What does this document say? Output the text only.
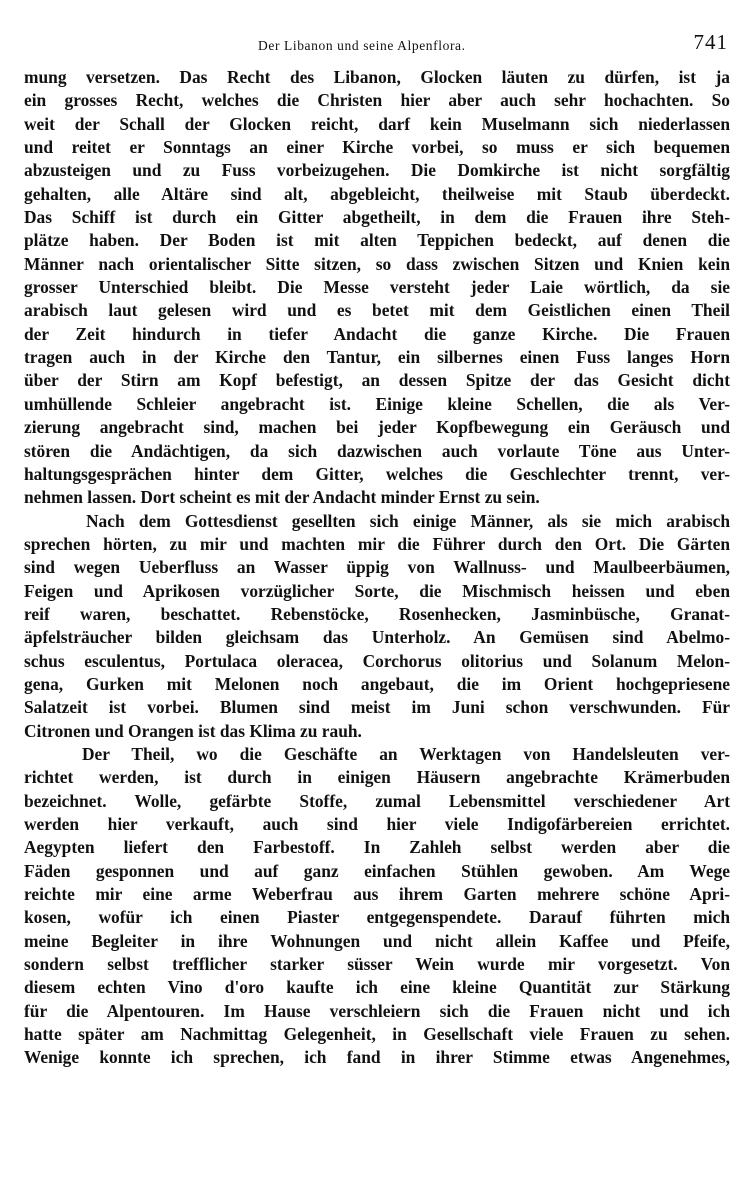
Der Libanon und seine Alpenflora.	741

mung versetzen. Das Recht des Libanon, Glocken läuten zu dürfen, ist ja
ein grosses Recht, welches die Christen hier aber auch sehr hochachten. So
weit der Schall der Glocken reicht, darf kein Muselmann sich niederlassen
und reitet er Sonntags an einer Kirche vorbei, so muss er sich bequemen
abzusteigen und zu Fuss vorbeizugehen. Die Domkirche ist nicht sorgfältig
gehalten, alle Altäre sind alt, abgebleicht, theilweise mit Staub überdeckt.
Das Schiff ist durch ein Gitter abgetheilt, in dem die Frauen ihre Steh-
plätze haben. Der Boden ist mit alten Teppichen bedeckt, auf denen die
Männer nach orientalischer Sitte sitzen, so dass zwischen Sitzen und Knien kein
grosser Unterschied bleibt. Die Messe versteht jeder Laie wörtlich, da sie
arabisch laut gelesen wird und es betet mit dem Geistlichen einen Theil
der Zeit hindurch in tiefer Andacht die ganze Kirche. Die Frauen
tragen auch in der Kirche den Tantur, ein silbernes einen Fuss langes Horn
über der Stirn am Kopf befestigt, an dessen Spitze der das Gesicht dicht
umhüllende Schleier angebracht ist. Einige kleine Schellen, die als Ver-
zierung angebracht sind, machen bei jeder Kopfbewegung ein Geräusch und
stören die Andächtigen, da sich dazwischen auch vorlaute Töne aus Unter-
haltungsgesprächen hinter dem Gitter, welches die Geschlechter trennt, ver-
nehmen lassen. Dort scheint es mit der Andacht minder Ernst zu sein.

Nach dem Gottesdienst gesellten sich einige Männer, als sie mich arabisch
sprechen hörten, zu mir und machten mir die Führer durch den Ort. Die Gärten
sind wegen Ueberfluss an Wasser üppig von Wallnuss- und Maulbeerbäumen,
Feigen und Aprikosen vorzüglicher Sorte, die Mischmisch heissen und eben
reif waren, beschattet. Rebenstöcke, Rosenhecken, Jasminbüsche, Granat-
äpfelsträucher bilden gleichsam das Unterholz. An Gemüsen sind Abelmo-
schus esculentus, Portulaca oleracea, Corchorus olitorius und Solanum Melon-
gena, Gurken mit Melonen noch angebaut, die im Orient hochgepriesene
Salatzeit ist vorbei. Blumen sind meist im Juni schon verschwunden. Für
Citronen und Orangen ist das Klima zu rauh.

Der Theil, wo die Geschäfte an Werktagen von Handelsleuten ver-
richtet werden, ist durch in einigen Häusern angebrachte Krämerbuden
bezeichnet. Wolle, gefärbte Stoffe, zumal Lebensmittel verschiedener Art
werden hier verkauft, auch sind hier viele Indigofärbereien errichtet.
Aegypten liefert den Farbestoff. In Zahleh selbst werden aber die
Fäden gesponnen und auf ganz einfachen Stühlen gewoben. Am Wege
reichte mir eine arme Weberfrau aus ihrem Garten mehrere schöne Apri-
kosen, wofür ich einen Piaster entgegenspendete. Darauf führten mich
meine Begleiter in ihre Wohnungen und nicht allein Kaffee und Pfeife,
sondern selbst trefflicher starker süsser Wein wurde mir vorgesetzt. Von
diesem echten Vino d'oro kaufte ich eine kleine Quantität zur Stärkung
für die Alpentouren. Im Hause verschleiern sich die Frauen nicht und ich
hatte später am Nachmittag Gelegenheit, in Gesellschaft viele Frauen zu sehen.
Wenige konnte ich sprechen, ich fand in ihrer Stimme etwas Angenehmes,
